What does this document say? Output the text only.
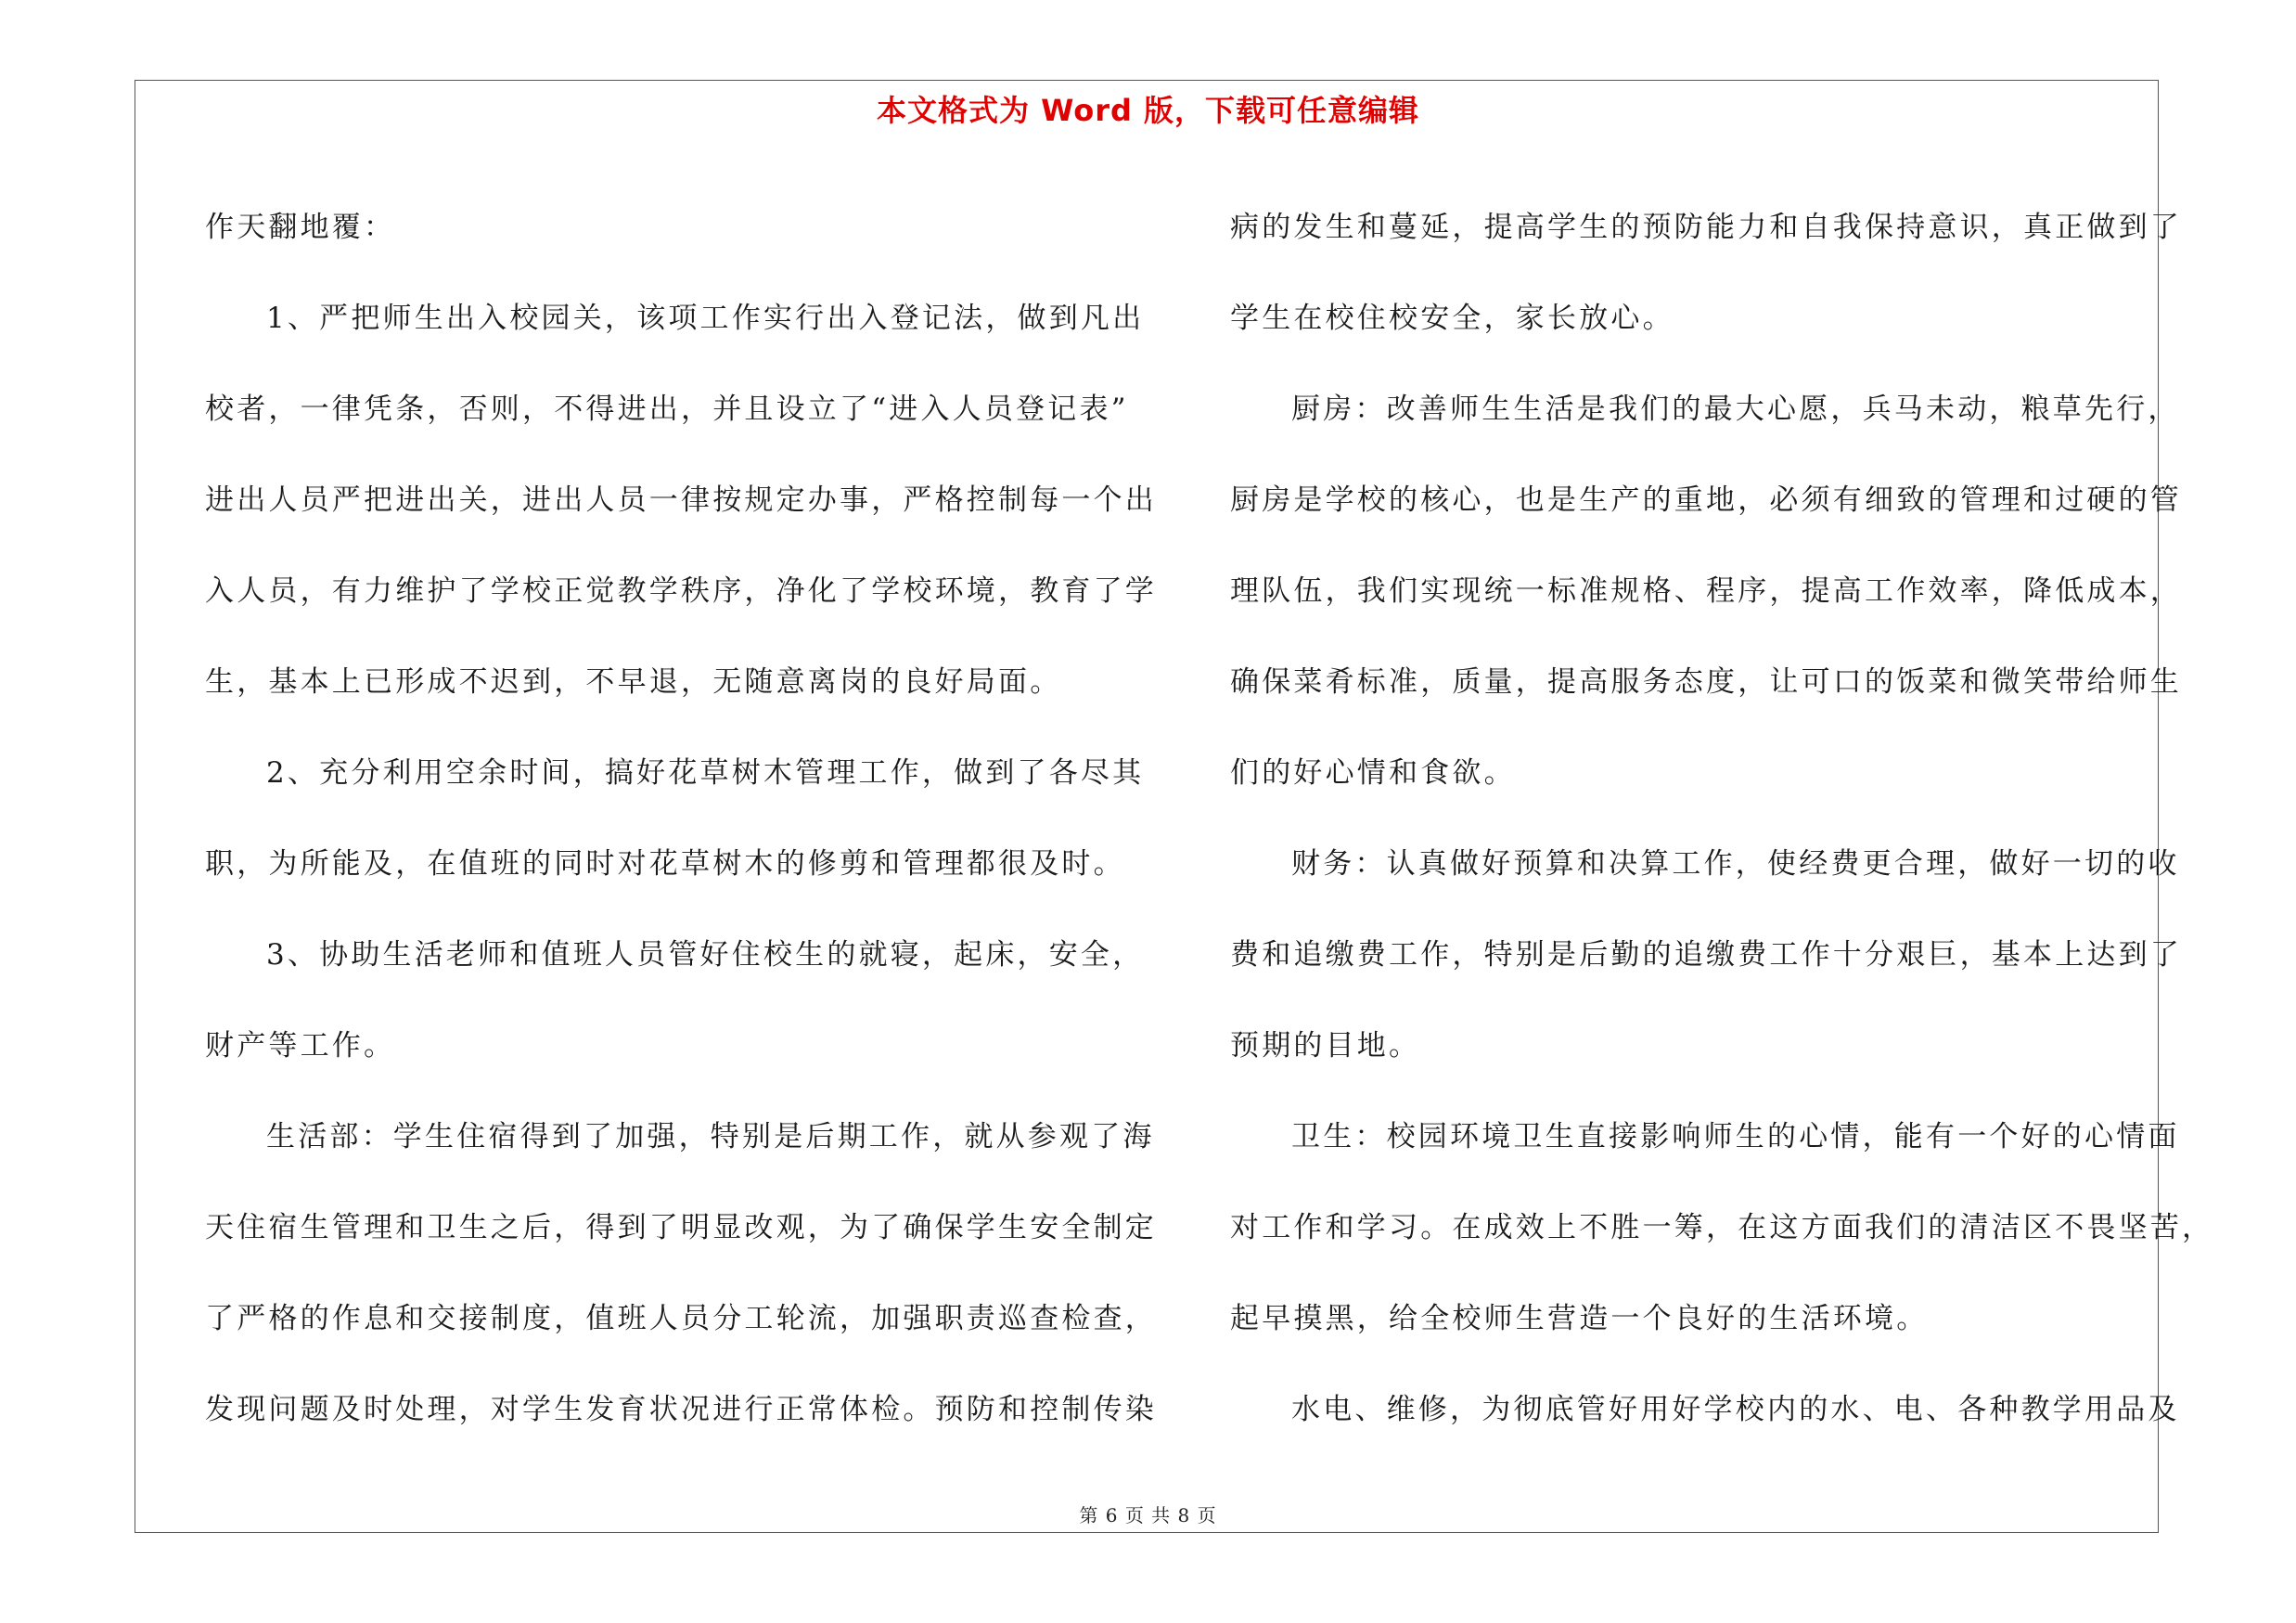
本文格式为 Word 版，下载可任意编辑
作天翻地覆：
1、严把师生出入校园关，该项工作实行出入登记法，做到凡出
校者，一律凭条，否则，不得进出，并且设立了“进入人员登记表”
进出人员严把进出关，进出人员一律按规定办事，严格控制每一个出
入人员，有力维护了学校正觉教学秩序，净化了学校环境，教育了学
生，基本上已形成不迟到，不早退，无随意离岗的良好局面。
2、充分利用空余时间，搞好花草树木管理工作，做到了各尽其
职，为所能及，在值班的同时对花草树木的修剪和管理都很及时。
3、协助生活老师和值班人员管好住校生的就寝，起床，安全，
财产等工作。
生活部：学生住宿得到了加强，特别是后期工作，就从参观了海
天住宿生管理和卫生之后，得到了明显改观，为了确保学生安全制定
了严格的作息和交接制度，值班人员分工轮流，加强职责巡查检查，
发现问题及时处理，对学生发育状况进行正常体检。预防和控制传染
病的发生和蔓延，提高学生的预防能力和自我保持意识，真正做到了
学生在校住校安全，家长放心。
厨房：改善师生生活是我们的最大心愿，兵马未动，粮草先行，
厨房是学校的核心，也是生产的重地，必须有细致的管理和过硬的管
理队伍，我们实现统一标准规格、程序，提高工作效率，降低成本，
确保菜肴标准，质量，提高服务态度，让可口的饭菜和微笑带给师生
们的好心情和食欲。
财务：认真做好预算和决算工作，使经费更合理，做好一切的收
费和追缴费工作，特别是后勤的追缴费工作十分艰巨，基本上达到了
预期的目地。
卫生：校园环境卫生直接影响师生的心情，能有一个好的心情面
对工作和学习。在成效上不胜一筹，在这方面我们的清洁区不畏坚苦，
起早摸黑，给全校师生营造一个良好的生活环境。
水电、维修，为彻底管好用好学校内的水、电、各种教学用品及
第 6 页 共 8 页
